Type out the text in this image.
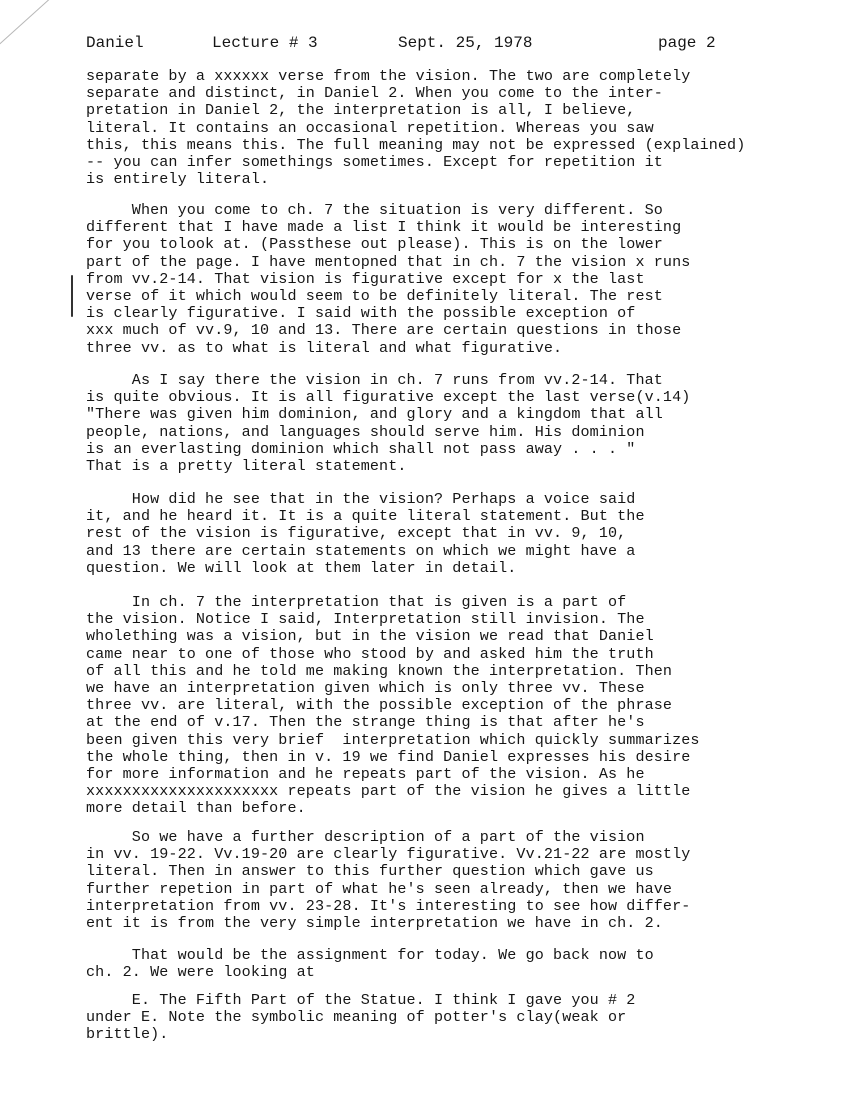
Daniel	Lecture # 3	Sept. 25, 1978	page 2
separate by a xxxxxx verse from the vision. The two are completely
separate and distinct, in Daniel 2. When you come to the inter-
pretation in Daniel 2, the interpretation is all, I believe,
literal. It contains an occasional repetition. Whereas you saw
this, this means this. The full meaning may not be expressed (explained)
-- you can infer somethings sometimes. Except for repetition it
is entirely literal.
When you come to ch. 7 the situation is very different. So
different that I have made a list I think it would be interesting
for you tolook at. (Passthese out please). This is on the lower
part of the page. I have mentopned that in ch. 7 the vision x runs
from vv.2-14. That vision is figurative except for x the last
verse of it which would seem to be definitely literal. The rest
is clearly figurative. I said with the possible exception of
xxx much of vv.9, 10 and 13. There are certain questions in those
three vv. as to what is literal and what figurative.
As I say there the vision in ch. 7 runs from vv.2-14. That
is quite obvious. It is all figurative except the last verse(v.14)
"There was given him dominion, and glory and a kingdom that all
people, nations, and languages should serve him. His dominion
is an everlasting dominion which shall not pass away . . . "
That is a pretty literal statement.
How did he see that in the vision? Perhaps a voice said
it, and he heard it. It is a quite literal statement. But the
rest of the vision is figurative, except that in vv. 9, 10,
and 13 there are certain statements on which we might have a
question. We will look at them later in detail.
In ch. 7 the interpretation that is given is a part of
the vision. Notice I said, Interpretation still invision. The
wholething was a vision, but in the vision we read that Daniel
came near to one of those who stood by and asked him the truth
of all this and he told me making known the interpretation. Then
we have an interpretation given which is only three vv. These
three vv. are literal, with the possible exception of the phrase
at the end of v.17. Then the strange thing is that after he's
been given this very brief  interpretation which quickly summarizes
the whole thing, then in v. 19 we find Daniel expresses his desire
for more information and he repeats part of the vision. As he
xxxxxxxxxxxxxxxxxxxxx repeats part of the vision he gives a little
more detail than before.
So we have a further description of a part of the vision
in vv. 19-22. Vv.19-20 are clearly figurative. Vv.21-22 are mostly
literal. Then in answer to this further question which gave us
further repetion in part of what he's seen already, then we have
interpretation from vv. 23-28. It's interesting to see how differ-
ent it is from the very simple interpretation we have in ch. 2.
That would be the assignment for today. We go back now to
ch. 2. We were looking at
E. The Fifth Part of the Statue. I think I gave you # 2
under E. Note the symbolic meaning of potter's clay(weak or
brittle).
